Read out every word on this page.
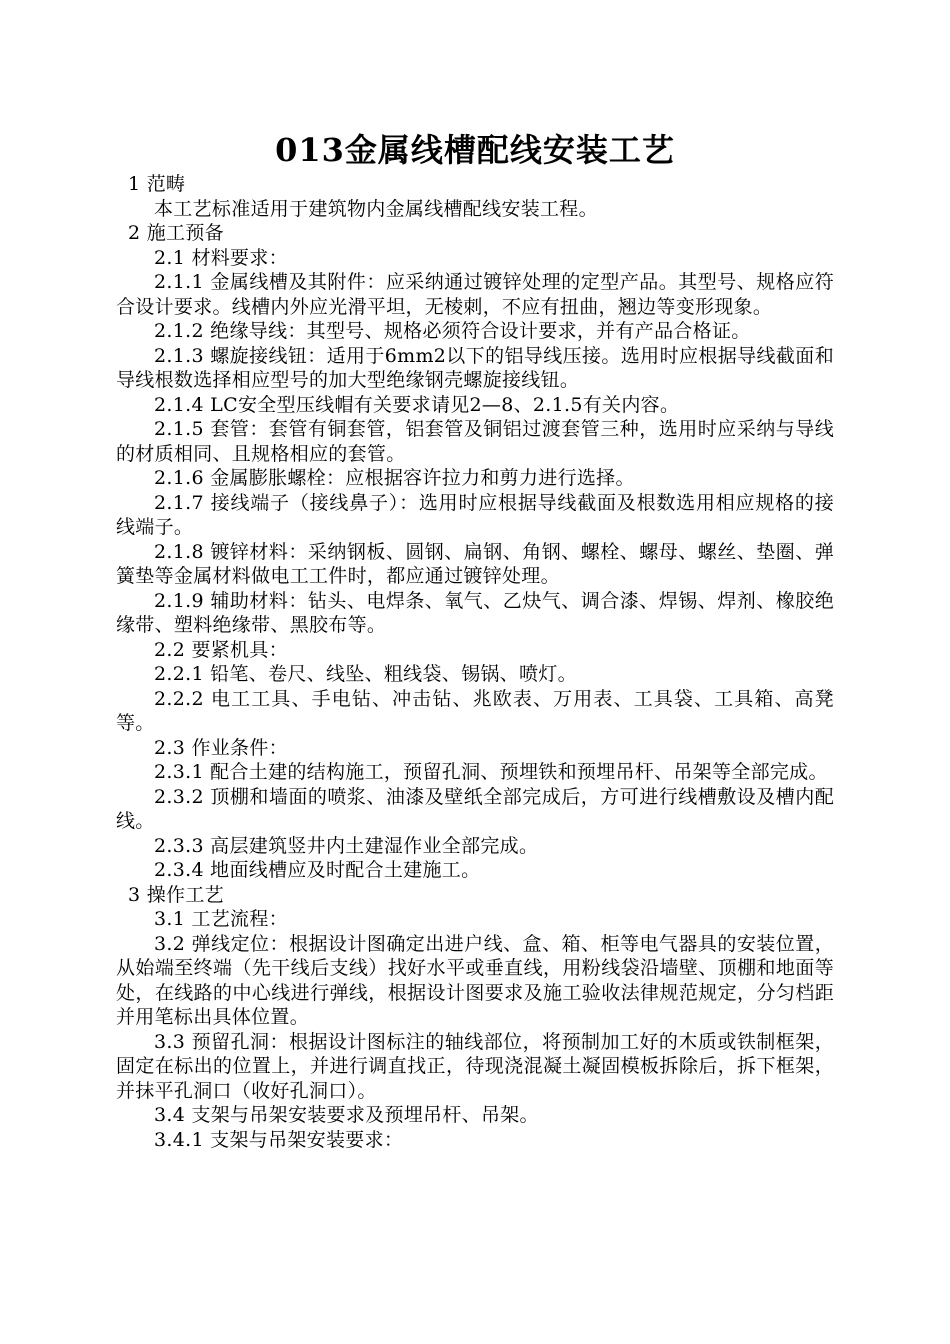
013金属线槽配线安装工艺

1 范畴

本工艺标准适用于建筑物内金属线槽配线安装工程。

2 施工预备

2.1 材料要求：

2.1.1 金属线槽及其附件：应采纳通过镀锌处理的定型产品。其型号、规格应符合设计要求。线槽内外应光滑平坦，无棱刺，不应有扭曲，翘边等变形现象。

2.1.2 绝缘导线：其型号、规格必须符合设计要求，并有产品合格证。

2.1.3 螺旋接线钮：适用于6mm2以下的铝导线压接。选用时应根据导线截面和导线根数选择相应型号的加大型绝缘钢壳螺旋接线钮。

2.1.4 LC安全型压线帽有关要求请见2—8、2.1.5有关内容。

2.1.5 套管：套管有铜套管，铝套管及铜铝过渡套管三种，选用时应采纳与导线的材质相同、且规格相应的套管。

2.1.6 金属膨胀螺栓：应根据容许拉力和剪力进行选择。

2.1.7 接线端子（接线鼻子）：选用时应根据导线截面及根数选用相应规格的接线端子。

2.1.8 镀锌材料：采纳钢板、圆钢、扁钢、角钢、螺栓、螺母、螺丝、垫圈、弹簧垫等金属材料做电工工件时，都应通过镀锌处理。

2.1.9 辅助材料：钻头、电焊条、氧气、乙炔气、调合漆、焊锡、焊剂、橡胶绝缘带、塑料绝缘带、黑胶布等。

2.2 要紧机具：

2.2.1 铅笔、卷尺、线坠、粗线袋、锡锅、喷灯。

2.2.2 电工工具、手电钻、冲击钻、兆欧表、万用表、工具袋、工具箱、高凳等。

2.3 作业条件：

2.3.1 配合土建的结构施工，预留孔洞、预埋铁和预埋吊杆、吊架等全部完成。

2.3.2 顶棚和墙面的喷浆、油漆及壁纸全部完成后，方可进行线槽敷设及槽内配线。

2.3.3 高层建筑竖井内土建湿作业全部完成。

2.3.4 地面线槽应及时配合土建施工。

3 操作工艺

3.1 工艺流程：

3.2 弹线定位：根据设计图确定出进户线、盒、箱、柜等电气器具的安装位置，从始端至终端（先干线后支线）找好水平或垂直线，用粉线袋沿墙壁、顶棚和地面等处，在线路的中心线进行弹线，根据设计图要求及施工验收法律规范规定，分匀档距并用笔标出具体位置。

3.3 预留孔洞：根据设计图标注的轴线部位，将预制加工好的木质或铁制框架，固定在标出的位置上，并进行调直找正，待现浇混凝土凝固模板拆除后，拆下框架，并抹平孔洞口（收好孔洞口）。

3.4 支架与吊架安装要求及预埋吊杆、吊架。

3.4.1 支架与吊架安装要求：
